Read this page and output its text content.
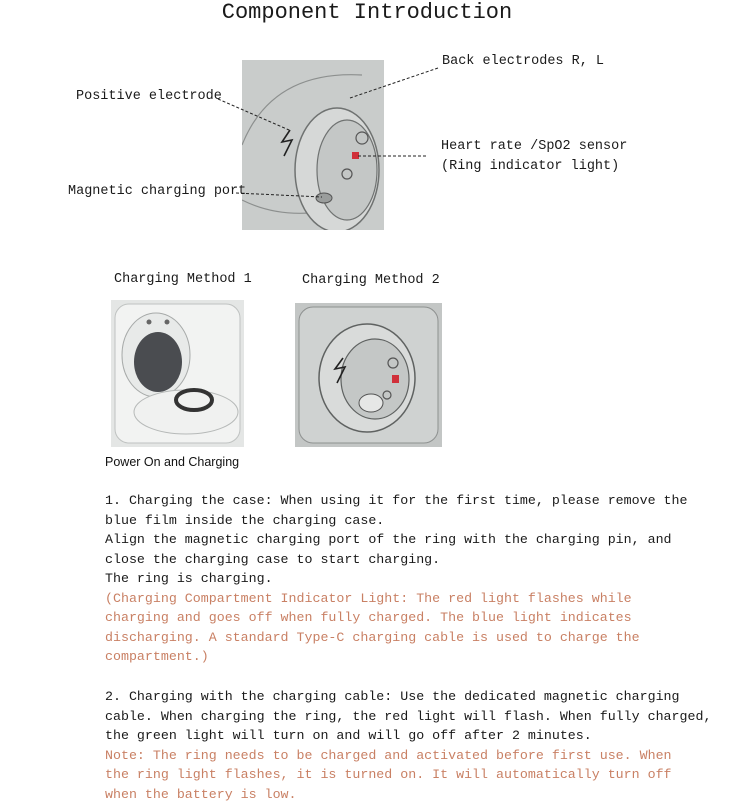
Component Introduction
Back electrodes R, L
Positive electrode
Heart rate /SpO2 sensor
(Ring indicator light)
Magnetic charging port
Charging Method 1	Charging Method 2
Power On and Charging
1. Charging the case: When using it for the first time, please remove the
blue film inside the charging case.
Align the magnetic charging port of the ring with the charging pin, and
close the charging case to start charging.
The ring is charging.
(Charging Compartment Indicator Light: The red light flashes while
charging and goes off when fully charged. The blue light indicates
discharging. A standard Type-C charging cable is used to charge the
compartment.)
2. Charging with the charging cable: Use the dedicated magnetic charging
cable. When charging the ring, the red light will flash. When fully charged,
the green light will turn on and will go off after 2 minutes.
Note: The ring needs to be charged and activated before first use. When
the ring light flashes, it is turned on. It will automatically turn off
when the battery is low.
